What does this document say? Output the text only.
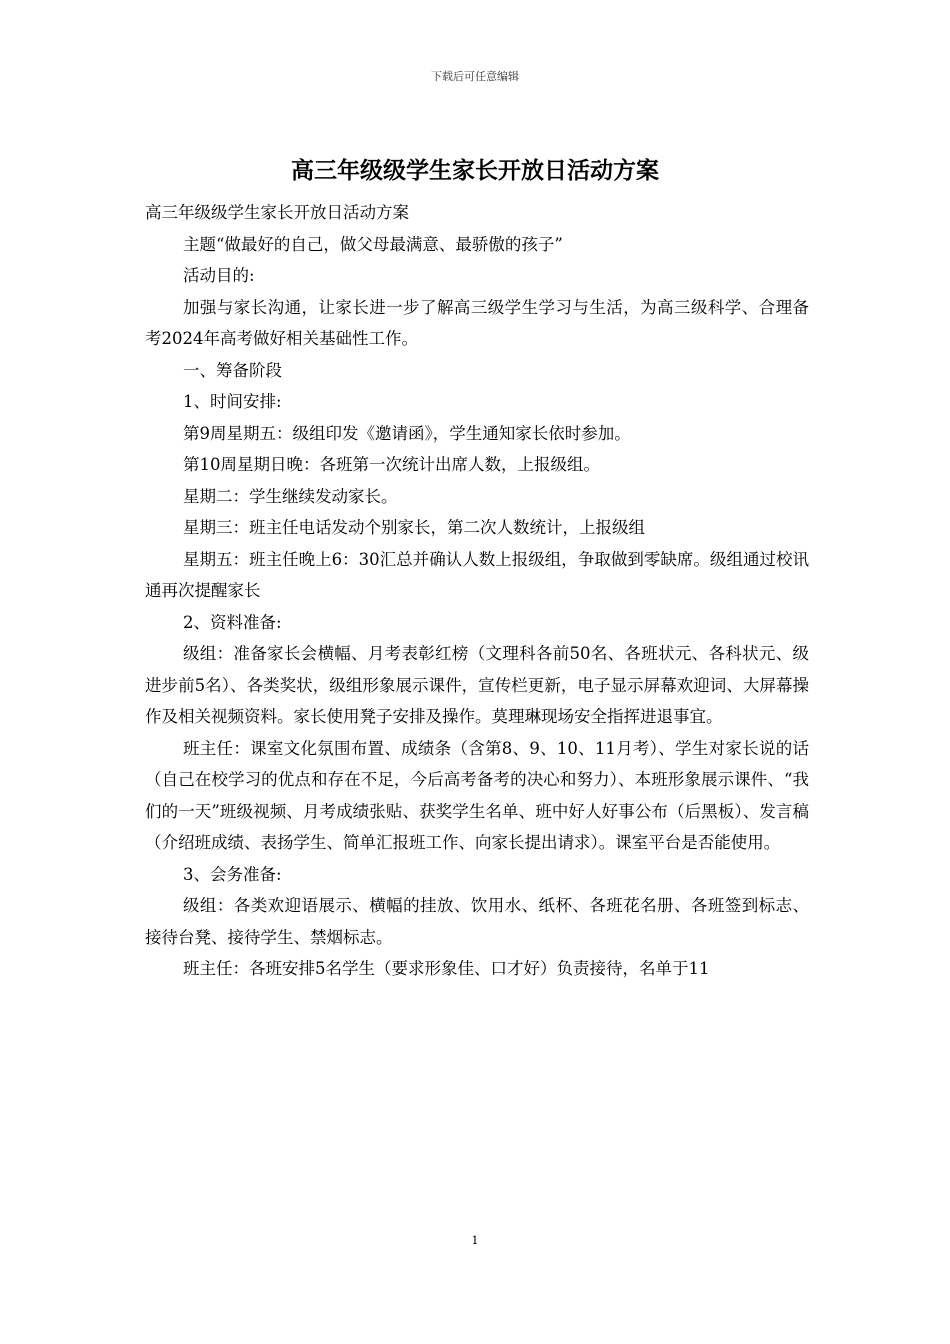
下载后可任意编辑
高三年级级学生家长开放日活动方案

高三年级级学生家长开放日活动方案

主题“做最好的自己，做父母最满意、最骄傲的孩子”

活动目的:

加强与家长沟通，让家长进一步了解高三级学生学习与生活，为高三级科学、合理备考2024年高考做好相关基础性工作。

一、筹备阶段

1、时间安排:

第9周星期五：级组印发《邀请函》，学生通知家长依时参加。

第10周星期日晚：各班第一次统计出席人数，上报级组。

星期二：学生继续发动家长。

星期三：班主任电话发动个别家长，第二次人数统计，上报级组

星期五：班主任晚上6：30汇总并确认人数上报级组，争取做到零缺席。级组通过校讯通再次提醒家长

2、资料准备:

级组：准备家长会横幅、月考表彰红榜（文理科各前50名、各班状元、各科状元、级进步前5名）、各类奖状，级组形象展示课件，宣传栏更新，电子显示屏幕欢迎词、大屏幕操作及相关视频资料。家长使用凳子安排及操作。莫理琳现场安全指挥进退事宜。

班主任：课室文化氛围布置、成绩条（含第8、9、10、11月考）、学生对家长说的话（自己在校学习的优点和存在不足，今后高考备考的决心和努力）、本班形象展示课件、“我们的一天”班级视频、月考成绩张贴、获奖学生名单、班中好人好事公布（后黑板）、发言稿（介绍班成绩、表扬学生、简单汇报班工作、向家长提出请求）。课室平台是否能使用。

3、会务准备:

级组：各类欢迎语展示、横幅的挂放、饮用水、纸杯、各班花名册、各班签到标志、接待台凳、接待学生、禁烟标志。

班主任：各班安排5名学生（要求形象佳、口才好）负责接待，名单于11

1
